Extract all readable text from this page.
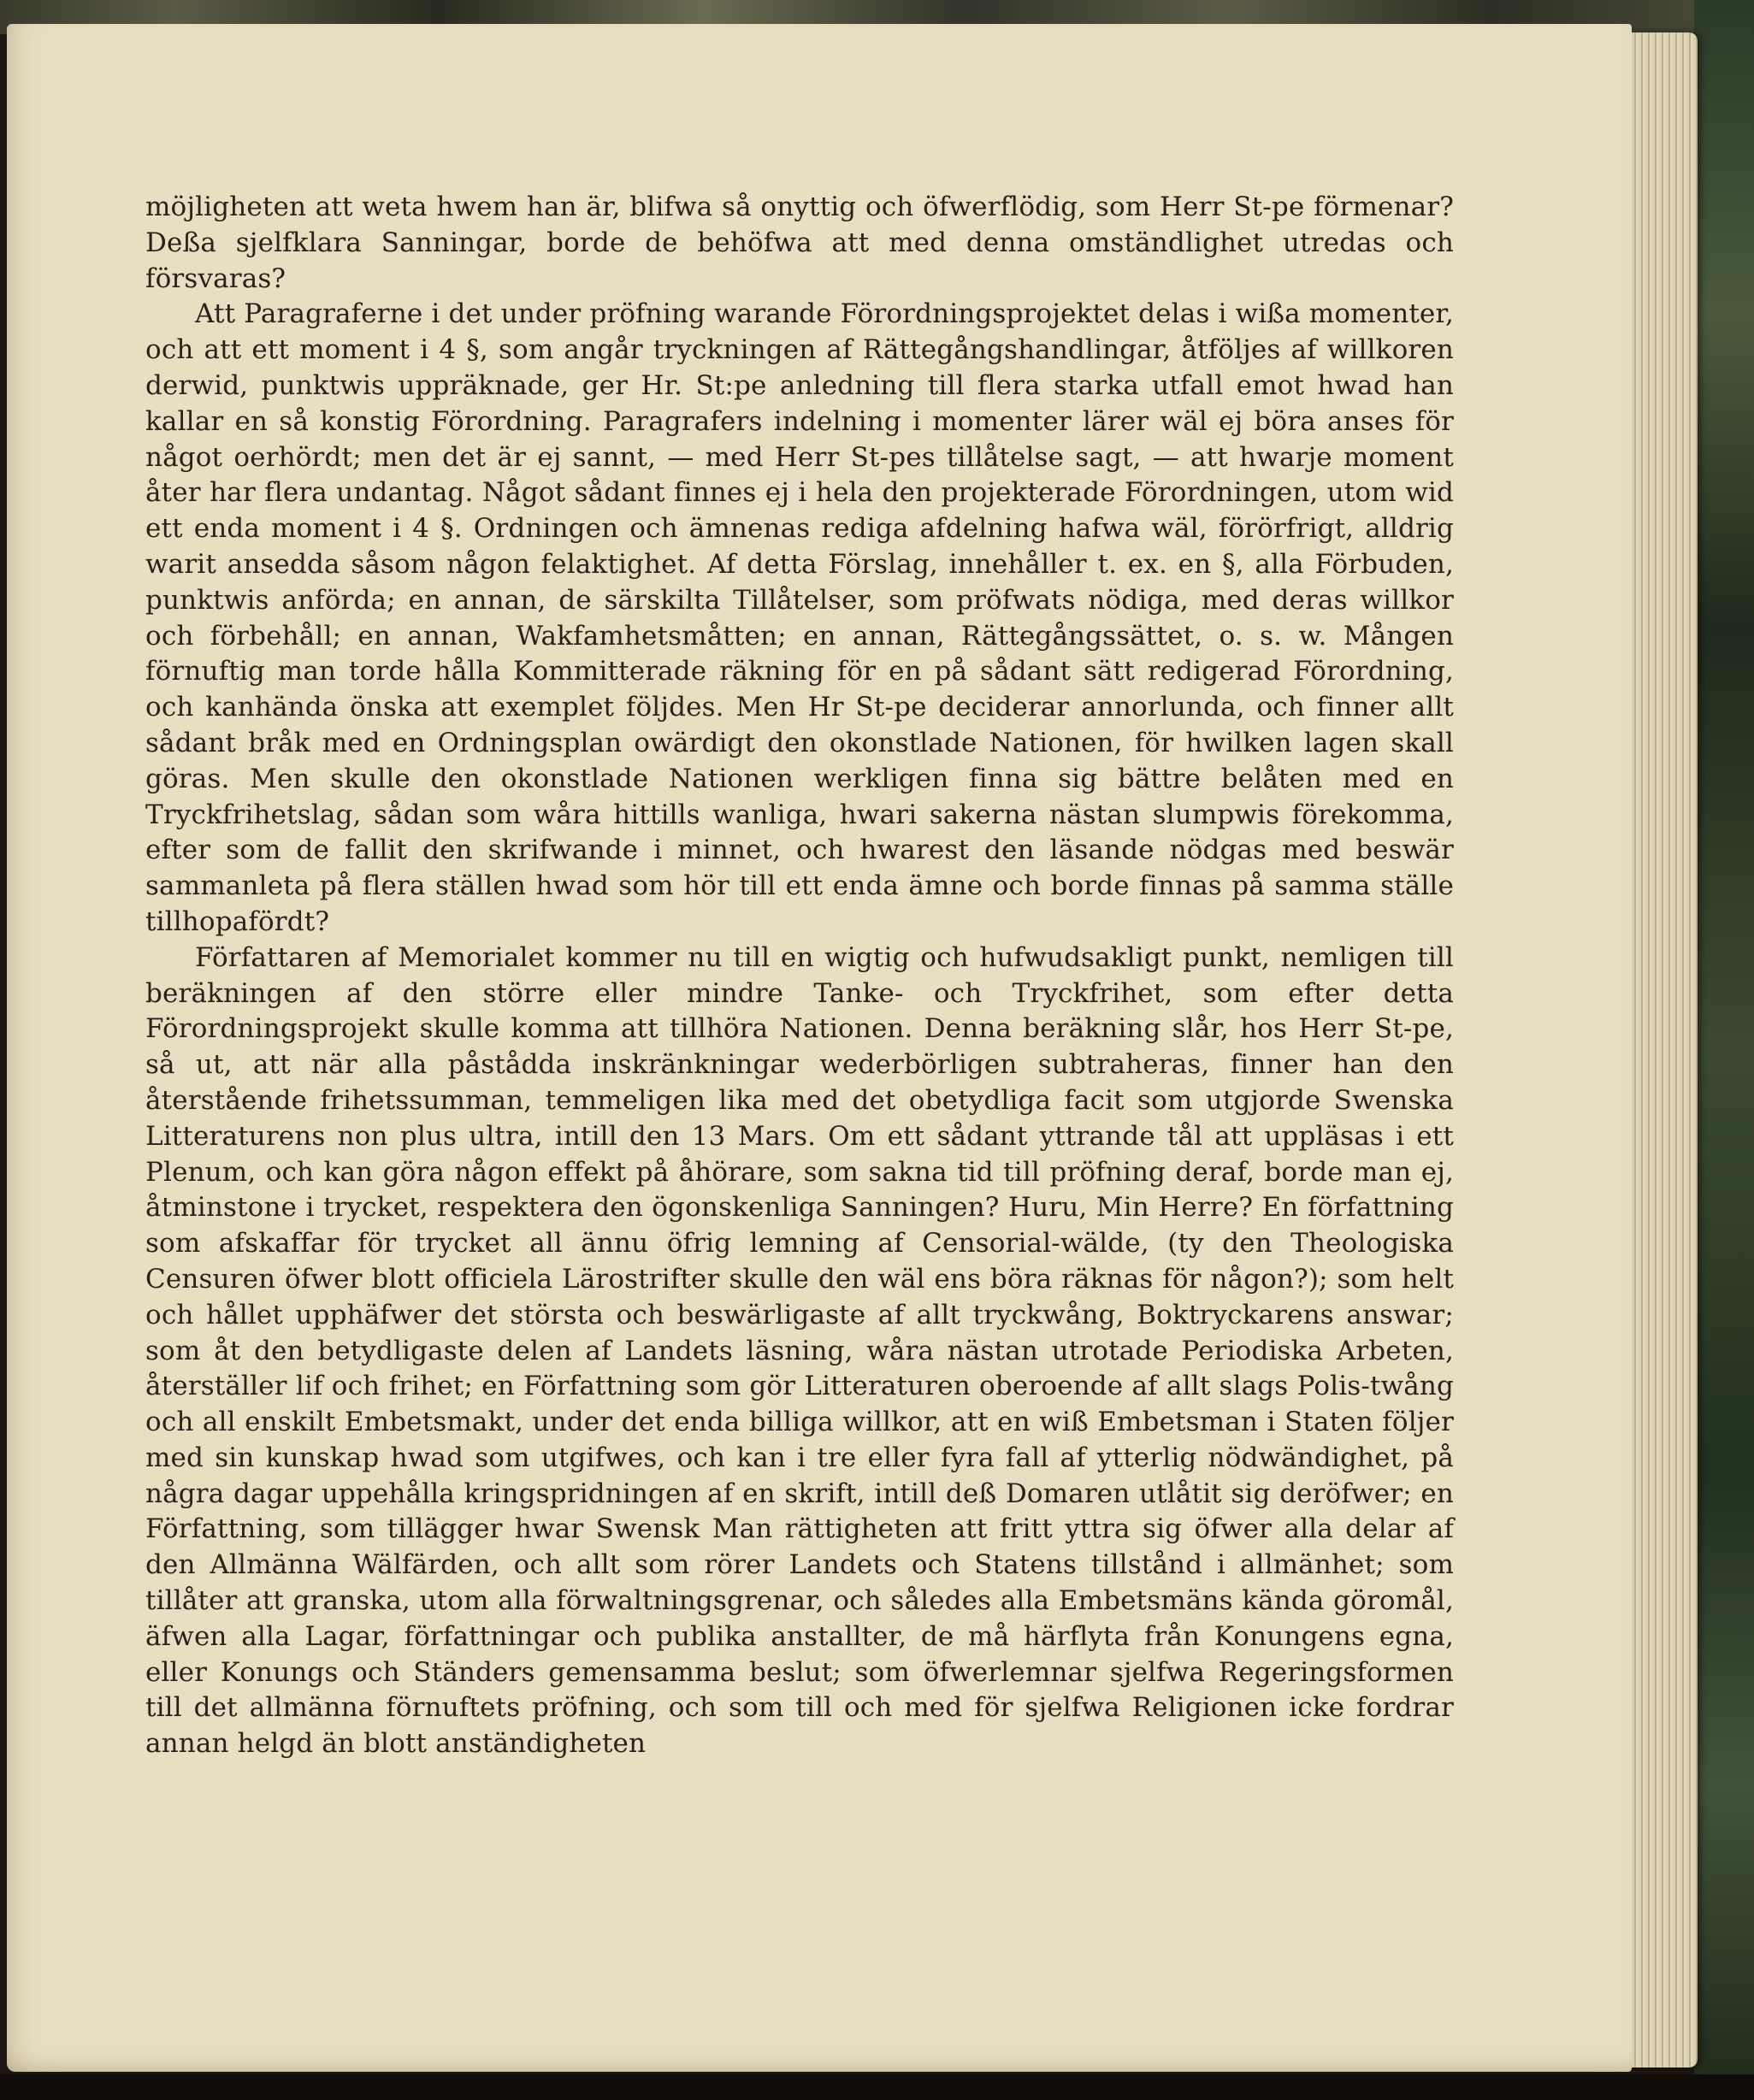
möjligheten att weta hwem han är, blifwa så onyttig och öfwerflödig, som Herr St-pe förmenar? Deßa sjelfklara Sanningar, borde de behöfwa att med denna omständlighet utredas och försvaras?

Att Paragraferne i det under pröfning warande Förordningsprojektet delas i wißa momenter, och att ett moment i 4 §, som angår tryckningen af Rättegångshandlingar, åtföljes af willkoren derwid, punktwis uppräknade, ger Hr. St:pe anledning till flera starka utfall emot hwad han kallar en så konstig Förordning. Paragrafers indelning i momenter lärer wäl ej böra anses för något oerhördt; men det är ej sannt, — med Herr St-pes tillåtelse sagt, — att hwarje moment åter har flera undantag. Något sådant finnes ej i hela den projekterade Förordningen, utom wid ett enda moment i 4 §. Ordningen och ämnenas rediga afdelning hafwa wäl, förörfrigt, alldrig warit ansedda såsom någon felaktighet. Af detta Förslag, innehåller t. ex. en §, alla Förbuden, punktwis anförda; en annan, de särskilta Tillåtelser, som pröfwats nödiga, med deras willkor och förbehåll; en annan, Wakfamhetsmåtten; en annan, Rättegångssättet, o. s. w. Mången förnuftig man torde hålla Kommitterade räkning för en på sådant sätt redigerad Förordning, och kanhända önska att exemplet följdes. Men Hr St-pe deciderar annorlunda, och finner allt sådant bråk med en Ordningsplan owärdigt den okonstlade Nationen, för hwilken lagen skall göras. Men skulle den okonstlade Nationen werkligen finna sig bättre belåten med en Tryckfrihetslag, sådan som wåra hittills wanliga, hwari sakerna nästan slumpwis förekomma, efter som de fallit den skrifwande i minnet, och hwarest den läsande nödgas med beswär sammanleta på flera ställen hwad som hör till ett enda ämne och borde finnas på samma ställe tillhopafördt?

Författaren af Memorialet kommer nu till en wigtig och hufwudsakligt punkt, nemligen till beräkningen af den större eller mindre Tanke- och Tryckfrihet, som efter detta Förordningsprojekt skulle komma att tillhöra Nationen. Denna beräkning slår, hos Herr St-pe, så ut, att när alla påstådda inskränkningar wederbörligen subtraheras, finner han den återstående frihetssumman, temmeligen lika med det obetydliga facit som utgjorde Swenska Litteraturens non plus ultra, intill den 13 Mars. Om ett sådant yttrande tål att uppläsas i ett Plenum, och kan göra någon effekt på åhörare, som sakna tid till pröfning deraf, borde man ej, åtminstone i trycket, respektera den ögonskenliga Sanningen? Huru, Min Herre? En författning som afskaffar för trycket all ännu öfrig lemning af Censorial-wälde, (ty den Theologiska Censuren öfwer blott officiela Lärostrifter skulle den wäl ens böra räknas för någon?); som helt och hållet upphäfwer det största och beswärligaste af allt tryckwång, Boktryckarens answar; som åt den betydligaste delen af Landets läsning, wåra nästan utrotade Periodiska Arbeten, återställer lif och frihet; en Författning som gör Litteraturen oberoende af allt slags Polis-twång och all enskilt Embetsmakt, under det enda billiga willkor, att en wiß Embetsman i Staten följer med sin kunskap hwad som utgifwes, och kan i tre eller fyra fall af ytterlig nödwändighet, på några dagar uppehålla kringspridningen af en skrift, intill deß Domaren utlåtit sig deröfwer; en Författning, som tillägger hwar Swensk Man rättigheten att fritt yttra sig öfwer alla delar af den Allmänna Wälfärden, och allt som rörer Landets och Statens tillstånd i allmänhet; som tillåter att granska, utom alla förwaltningsgrenar, och således alla Embetsmäns kända göromål, äfwen alla Lagar, författningar och publika anstallter, de må härflyta från Konungens egna, eller Konungs och Ständers gemensamma beslut; som öfwerlemnar sjelfwa Regeringsformen till det allmänna förnuftets pröfning, och som till och med för sjelfwa Religionen icke fordrar annan helgd än blott anständigheten
